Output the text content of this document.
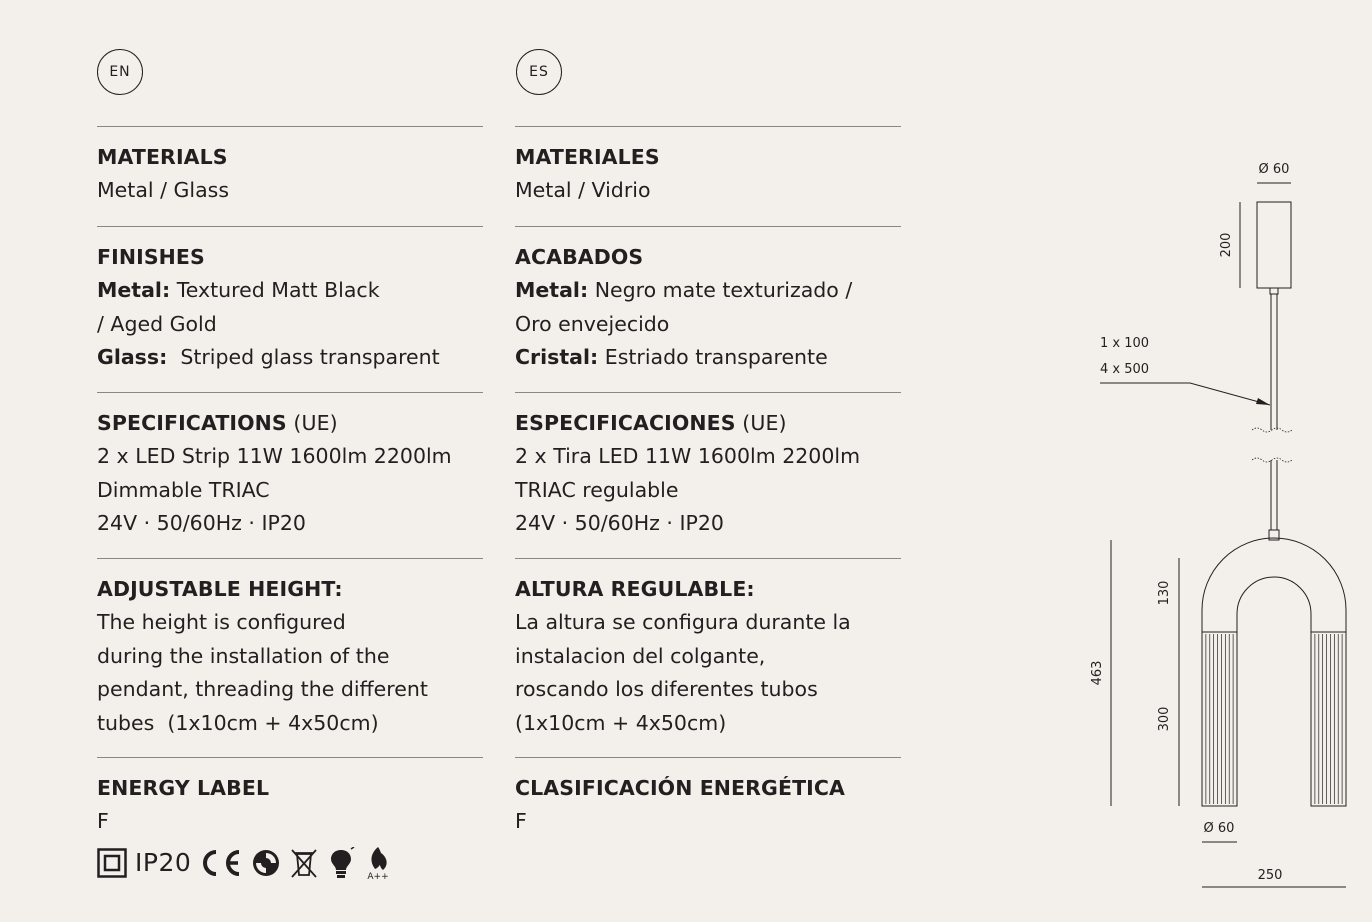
EN
MATERIALS
Metal / Glass
FINISHES
Metal: Textured Matt Black
/ Aged Gold
Glass:  Striped glass transparent
SPECIFICATIONS (UE)
2 x LED Strip 11W 1600lm 2200lm
Dimmable TRIAC
24V · 50/60Hz · IP20
ADJUSTABLE HEIGHT:
The height is configured
during the installation of the
pendant, threading the different
tubes  (1x10cm + 4x50cm)
ENERGY LABEL
F
IP20	CE
A++
ES
MATERIALES
Metal / Vidrio
ACABADOS
Metal: Negro mate texturizado /
Oro envejecido
Cristal: Estriado transparente
ESPECIFICACIONES (UE)
2 x Tira LED 11W 1600lm 2200lm
TRIAC regulable
24V · 50/60Hz · IP20
ALTURA REGULABLE:
La altura se configura durante la
instalacion del colgante,
roscando los diferentes tubos
(1x10cm + 4x50cm)
CLASIFICACIÓN ENERGÉTICA
F
Ø 60
200
1 x 100
4 x 500
130
463
300
Ø 60
250
